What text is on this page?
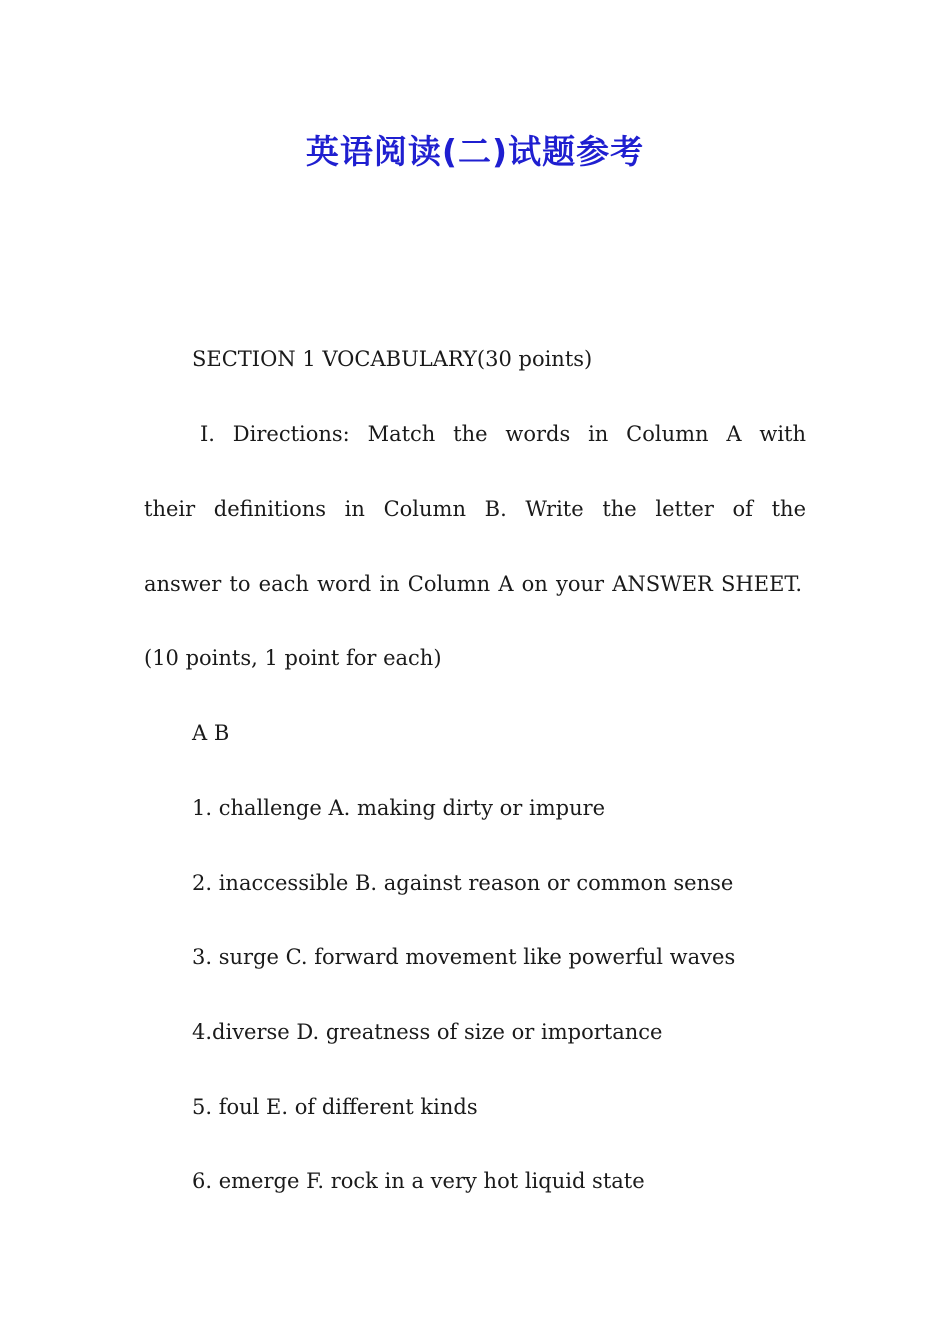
英语阅读(二)试题参考
SECTION 1 VOCABULARY(30 points)
I. Directions: Match the words in Column A with
their definitions in Column B. Write the letter of the
answer to each word in Column A on your ANSWER SHEET.
(10 points, 1 point for each)
A B
1. challenge A. making dirty or impure
2. inaccessible B. against reason or common sense
3. surge C. forward movement like powerful waves
4.diverse D. greatness of size or importance
5. foul E. of different kinds
6. emerge F. rock in a very hot liquid state
